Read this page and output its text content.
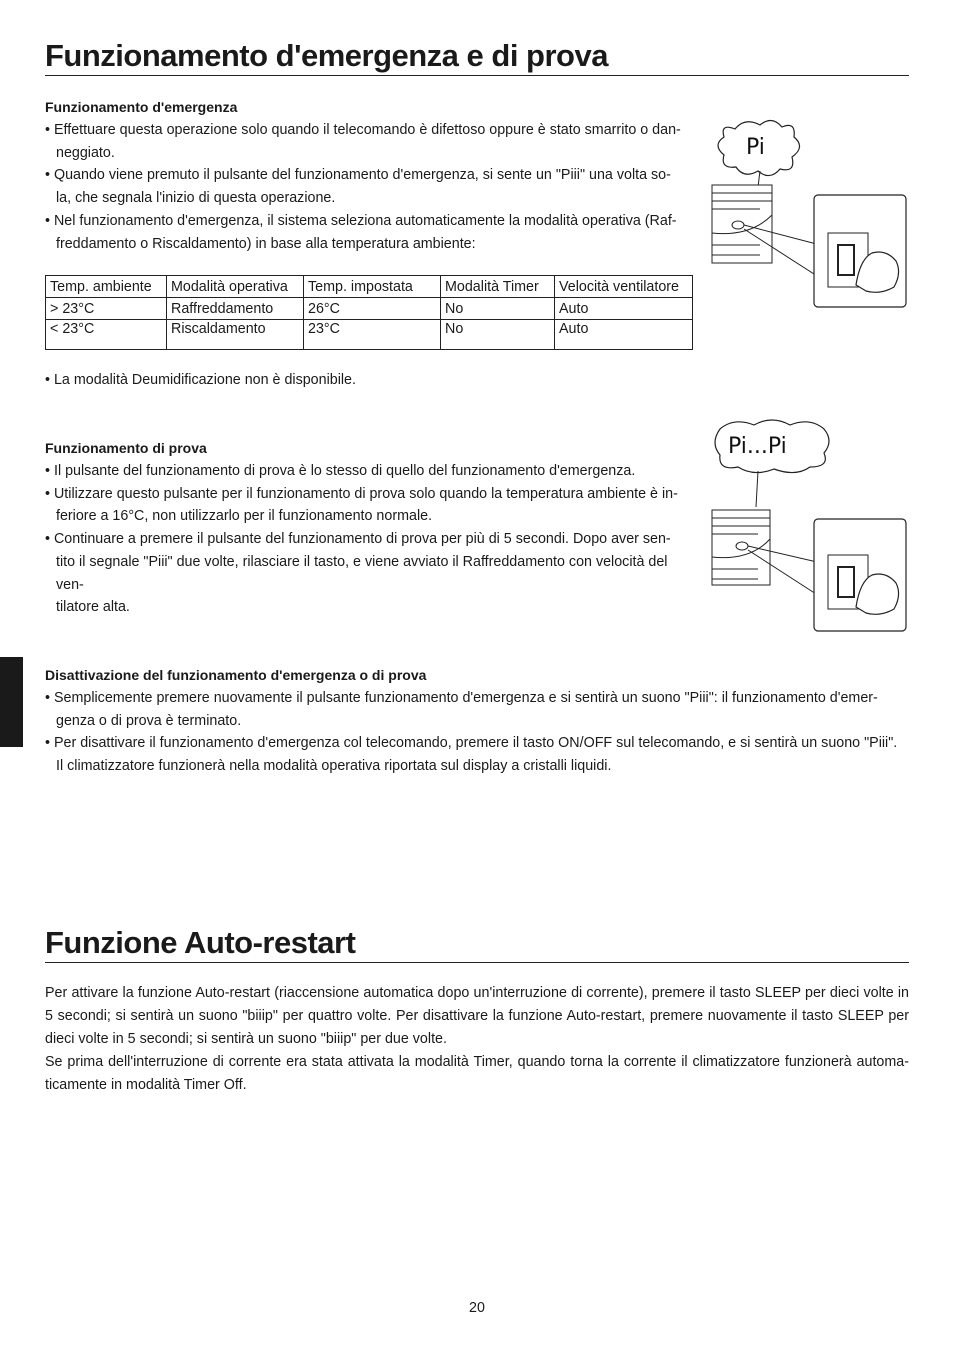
Funzionamento d'emergenza e di prova
Funzionamento d'emergenza
• Effettuare questa operazione solo quando il telecomando è difettoso oppure è stato smarrito o dan-
neggiato.
• Quando viene premuto il pulsante del funzionamento d'emergenza, si sente un "Piii" una volta so-
la, che segnala l'inizio di questa operazione.
• Nel funzionamento d'emergenza, il sistema seleziona automaticamente la modalità operativa (Raf-
freddamento o Riscaldamento) in base alla temperatura ambiente:
Pi
Temp. ambiente	Modalità operativa	Temp. impostata	Modalità Timer	Velocità ventilatore
> 23°C	Raffreddamento	26°C	No	Auto
< 23°C	Riscaldamento	23°C	No	Auto
• La modalità Deumidificazione non è disponibile.
Funzionamento di prova
• Il pulsante del funzionamento di prova è lo stesso di quello del funzionamento d'emergenza.
• Utilizzare questo pulsante per il funzionamento di prova solo quando la temperatura ambiente è in-
feriore a 16°C, non utilizzarlo per il funzionamento normale.
• Continuare a premere il pulsante del funzionamento di prova per più di 5 secondi. Dopo aver sen-
tito il segnale "Piii" due volte, rilasciare il tasto, e viene avviato il Raffreddamento con velocità del ven-
tilatore alta.
Pi...Pi
Disattivazione del funzionamento d'emergenza o di prova
• Semplicemente premere nuovamente il pulsante funzionamento d'emergenza e si sentirà un suono "Piii": il funzionamento d'emer-
genza o di prova è terminato.
• Per disattivare il funzionamento d'emergenza col telecomando, premere il tasto ON/OFF sul telecomando, e si sentirà un suono "Piii".
Il climatizzatore funzionerà nella modalità operativa riportata sul display a cristalli liquidi.
Funzione Auto-restart
Per attivare la funzione Auto-restart (riaccensione automatica dopo un'interruzione di corrente), premere il tasto SLEEP per dieci volte in 5 secondi; si sentirà un suono "biiip" per quattro volte. Per disattivare la funzione Auto-restart, premere nuovamente il tasto SLEEP per dieci volte in 5 secondi; si sentirà un suono "biiip" per due volte.
Se prima dell'interruzione di corrente era stata attivata la modalità Timer, quando torna la corrente il climatizzatore funzionerà automa-ticamente in modalità Timer Off.
20
